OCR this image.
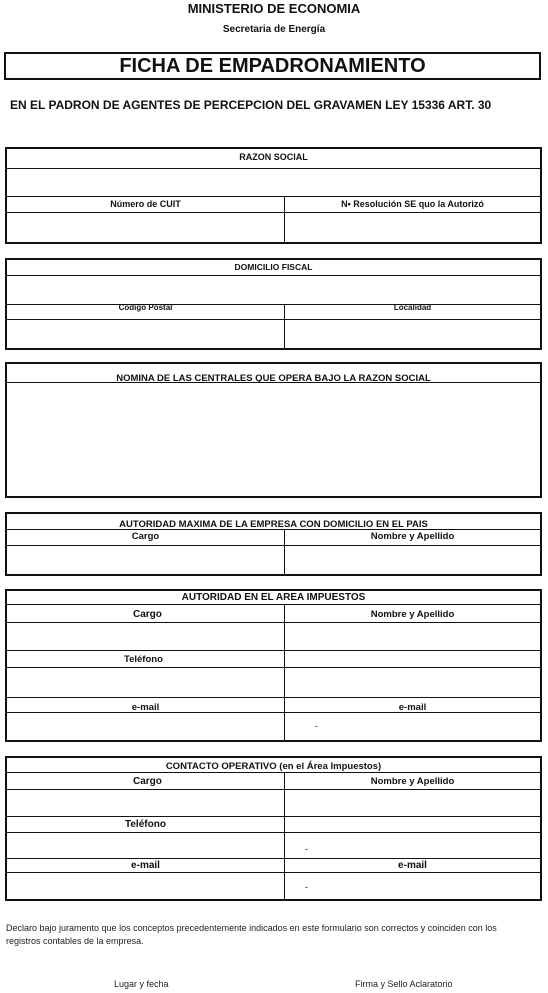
MINISTERIO DE ECONOMIA
Secretaria de Energía
FICHA DE EMPADRONAMIENTO
EN EL PADRON DE AGENTES DE PERCEPCION DEL GRAVAMEN LEY 15336 ART. 30
RAZON SOCIAL
Número de CUIT	N• Resolución SE quo la Autorizó
DOMICILIO FISCAL
Codigo Postal	Localidad
NOMINA DE LAS CENTRALES QUE OPERA BAJO LA RAZON SOCIAL
AUTORIDAD MAXIMA DE LA EMPRESA CON DOMICILIO EN EL PAIS
Cargo	Nombre y Apellido
AUTORIDAD EN EL AREA IMPUESTOS
Cargo	Nombre y Apellido
Teléfono
e-mail	e-mail
-
CONTACTO OPERATIVO (en el Área Impuestos)
Cargo	Nombre y Apellido
Teléfono
-
e-mail	e-mail
-
Declaro bajo juramento que los conceptos precedentemente indicados en este formulario son correctos y coinciden con los
registros contables de la empresa.
Lugar y fecha	Firma y Sello Aclaratorio
